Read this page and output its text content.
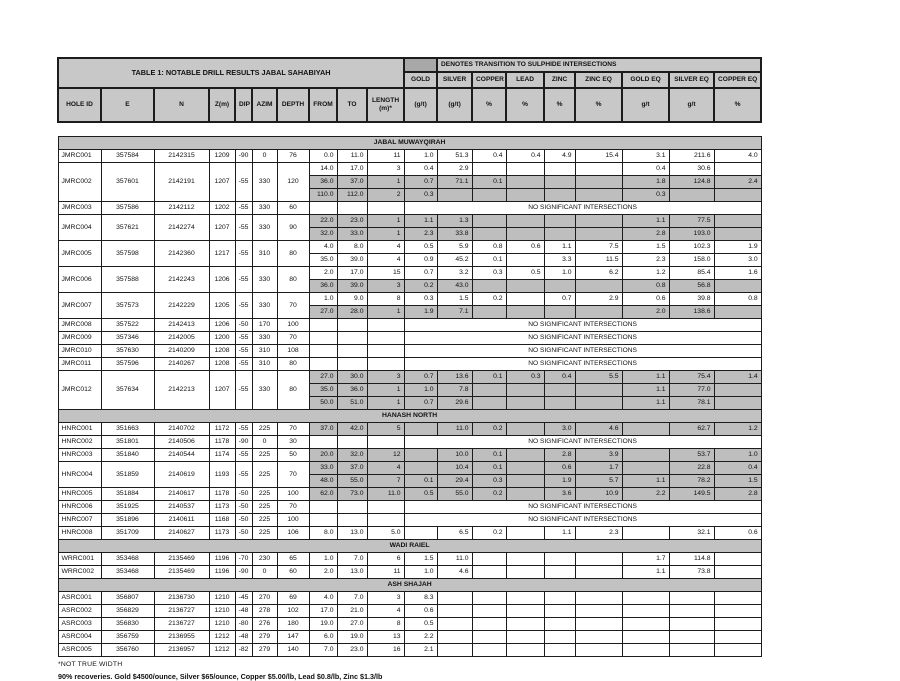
TABLE 1: NOTABLE DRILL RESULTS JABAL SAHABIYAH											DENOTES TRANSITION TO SULPHIDE INTERSECTIONS							
										GOLD	SILVER	COPPER	LEAD	ZINC	ZINC EQ	GOLD EQ	SILVER EQ	COPPER EQ
HOLE ID	E	N	Z(m)	DIP	AZIM	DEPTH	FROM	TO	LENGTH (m)*	(g/t)	(g/t)	%	%	%	%	g/t	g/t	%

JABAL MUWAYQIRAH																		
JMRC001	357584	2142315	1209	-90	0	76	0.0	11.0	11	1.0	51.3	0.4	0.4	4.9	15.4	3.1	211.6	4.0
JMRC002	357601	2142191	1207	-55	330	120	14.0	17.0	3	0.4	2.9					0.4	30.6	
							36.0	37.0	1	0.7	71.1	0.1				1.8	124.8	2.4
							110.0	112.0	2	0.3						0.3		
JMRC003	357586	2142112	1202	-55	330	60				NO SIGNIFICANT INTERSECTIONS								
JMRC004	357621	2142274	1207	-55	330	90	22.0	23.0	1	1.1	1.3					1.1	77.5	
							32.0	33.0	1	2.3	33.8					2.8	193.0	
JMRC005	357598	2142360	1217	-55	310	80	4.0	8.0	4	0.5	5.9	0.8	0.6	1.1	7.5	1.5	102.3	1.9
							35.0	39.0	4	0.9	45.2	0.1		3.3	11.5	2.3	158.0	3.0
JMRC006	357588	2142243	1206	-55	330	80	2.0	17.0	15	0.7	3.2	0.3	0.5	1.0	6.2	1.2	85.4	1.6
							36.0	39.0	3	0.2	43.0					0.8	56.8	
JMRC007	357573	2142229	1205	-55	330	70	1.0	9.0	8	0.3	1.5	0.2		0.7	2.9	0.6	39.8	0.8
							27.0	28.0	1	1.9	7.1					2.0	138.6	
JMRC008	357522	2142413	1206	-50	170	100				NO SIGNIFICANT INTERSECTIONS								
JMRC009	357346	2142005	1200	-55	330	70				NO SIGNIFICANT INTERSECTIONS								
JMRC010	357630	2140209	1208	-55	310	108				NO SIGNIFICANT INTERSECTIONS								
JMRC011	357596	2140267	1208	-55	310	80				NO SIGNIFICANT INTERSECTIONS								
JMRC012	357634	2142213	1207	-55	330	80	27.0	30.0	3	0.7	13.6	0.1	0.3	0.4	5.5	1.1	75.4	1.4
							35.0	36.0	1	1.0	7.8					1.1	77.0	
							50.0	51.0	1	0.7	29.6					1.1	78.1	
HANASH NORTH																		
HNRC001	351663	2140702	1172	-55	225	70	37.0	42.0	5		11.0	0.2		3.0	4.6		62.7	1.2
HNRC002	351801	2140506	1178	-90	0	30				NO SIGNIFICANT INTERSECTIONS								
HNRC003	351840	2140544	1174	-55	225	50	20.0	32.0	12		10.0	0.1		2.8	3.9		53.7	1.0
HNRC004	351859	2140619	1193	-55	225	70	33.0	37.0	4		10.4	0.1		0.6	1.7		22.8	0.4
							48.0	55.0	7	0.1	29.4	0.3		1.9	5.7	1.1	78.2	1.5
HNRC005	351884	2140617	1178	-50	225	100	62.0	73.0	11.0	0.5	55.0	0.2		3.6	10.9	2.2	149.5	2.8
HNRC006	351925	2140537	1173	-50	225	70				NO SIGNIFICANT INTERSECTIONS								
HNRC007	351896	2140611	1168	-50	225	100				NO SIGNIFICANT INTERSECTIONS								
HNRC008	351709	2140627	1173	-50	225	106	8.0	13.0	5.0		6.5	0.2		1.1	2.3		32.1	0.6
WADI RAIEL																		
WRRC001	353468	2135469	1196	-70	230	65	1.0	7.0	6	1.5	11.0					1.7	114.8	
WRRC002	353468	2135469	1196	-90	0	60	2.0	13.0	11	1.0	4.6					1.1	73.8	
ASH SHAJAH																		
ASRC001	356807	2136730	1210	-45	270	69	4.0	7.0	3	8.3								
ASRC002	356829	2136727	1210	-48	278	102	17.0	21.0	4	0.6								
ASRC003	356830	2136727	1210	-80	276	180	19.0	27.0	8	0.5								
ASRC004	356759	2136955	1212	-48	279	147	6.0	19.0	13	2.2								
ASRC005	356760	2136957	1212	-82	279	140	7.0	23.0	16	2.1								
*NOT TRUE WIDTH
90% recoveries. Gold $4500/ounce, Silver $65/ounce, Copper $5.00/lb, Lead $0.8/lb, Zinc $1.3/lb
